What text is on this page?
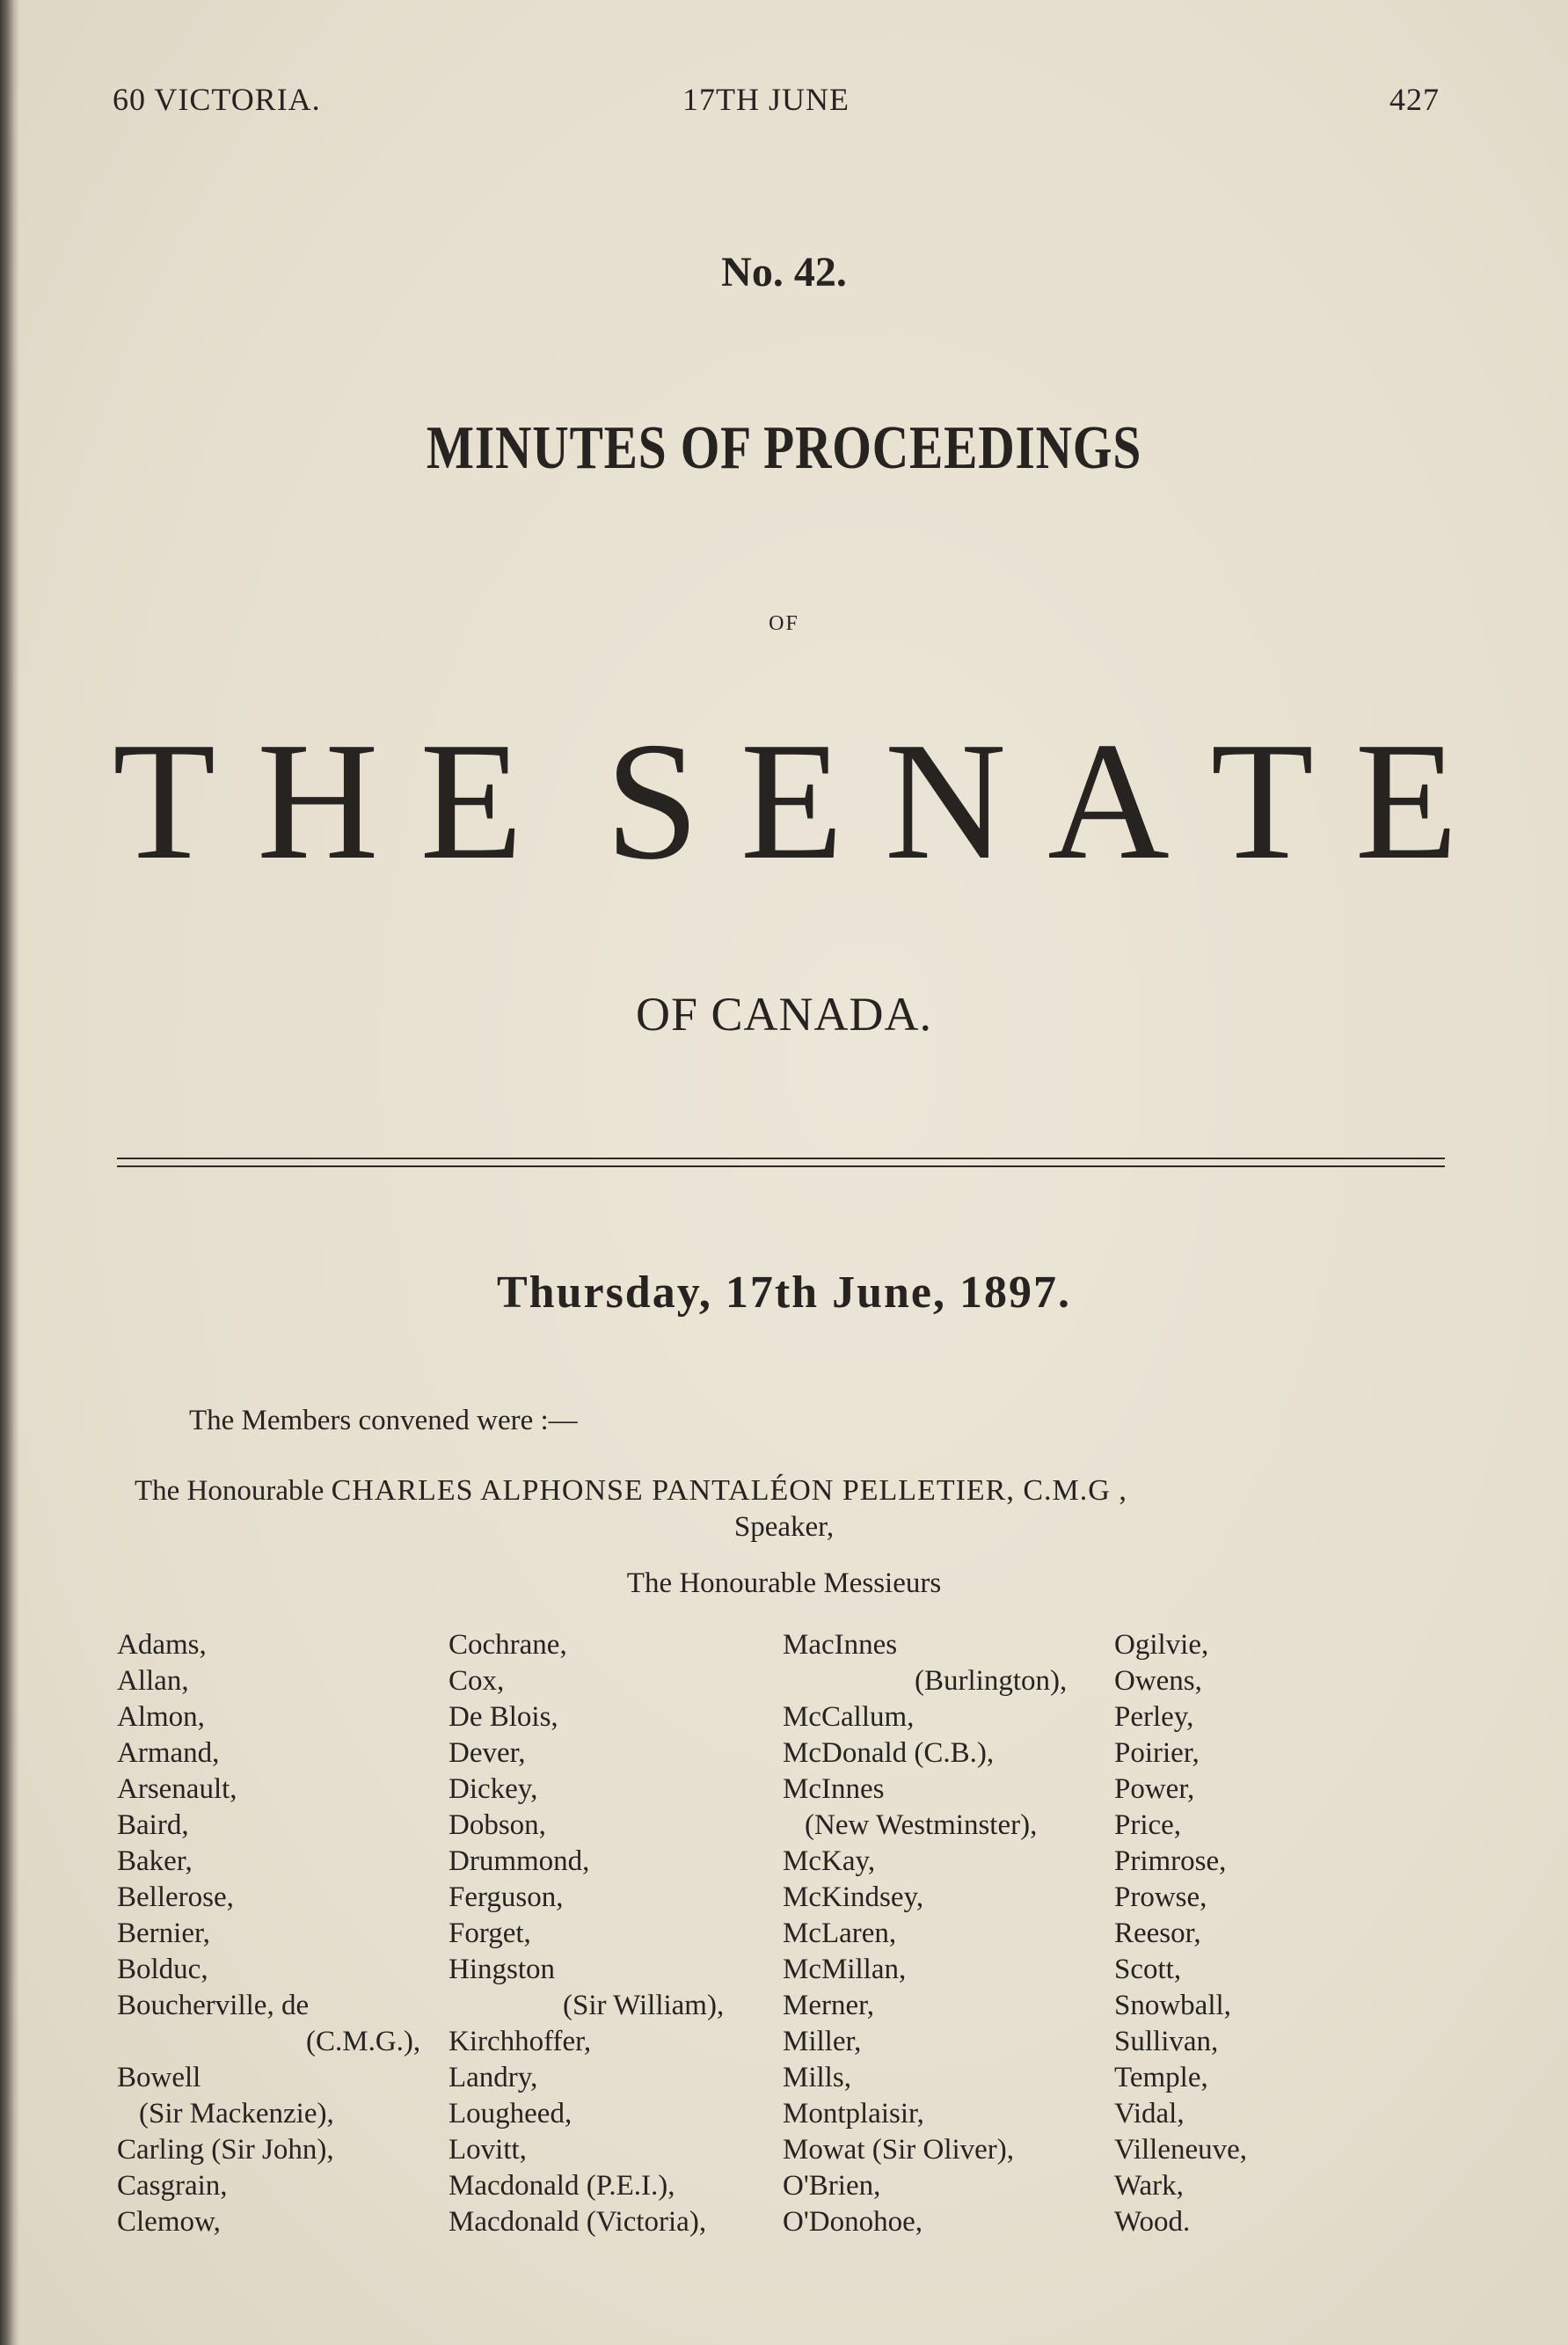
60 VICTORIA.	17TH JUNE	427
No. 42.
MINUTES OF PROCEEDINGS
OF
T H E S E N A T E
OF CANADA.
Thursday, 17th June, 1897.
The Members convened were :—
The Honourable CHARLES ALPHONSE PANTALÉON PELLETIER, C.M.G ,
Speaker,
The Honourable Messieurs
Adams,
Allan,
Almon,
Armand,
Arsenault,
Baird,
Baker,
Bellerose,
Bernier,
Bolduc,
Boucherville, de
(C.M.G.),
Bowell
(Sir Mackenzie),
Carling (Sir John),
Casgrain,
Clemow,
Cochrane,
Cox,
De Blois,
Dever,
Dickey,
Dobson,
Drummond,
Ferguson,
Forget,
Hingston
(Sir William),
Kirchhoffer,
Landry,
Lougheed,
Lovitt,
Macdonald (P.E.I.),
Macdonald (Victoria),
MacInnes
(Burlington),
McCallum,
McDonald (C.B.),
McInnes
(New Westminster),
McKay,
McKindsey,
McLaren,
McMillan,
Merner,
Miller,
Mills,
Montplaisir,
Mowat (Sir Oliver),
O'Brien,
O'Donohoe,
Ogilvie,
Owens,
Perley,
Poirier,
Power,
Price,
Primrose,
Prowse,
Reesor,
Scott,
Snowball,
Sullivan,
Temple,
Vidal,
Villeneuve,
Wark,
Wood.
